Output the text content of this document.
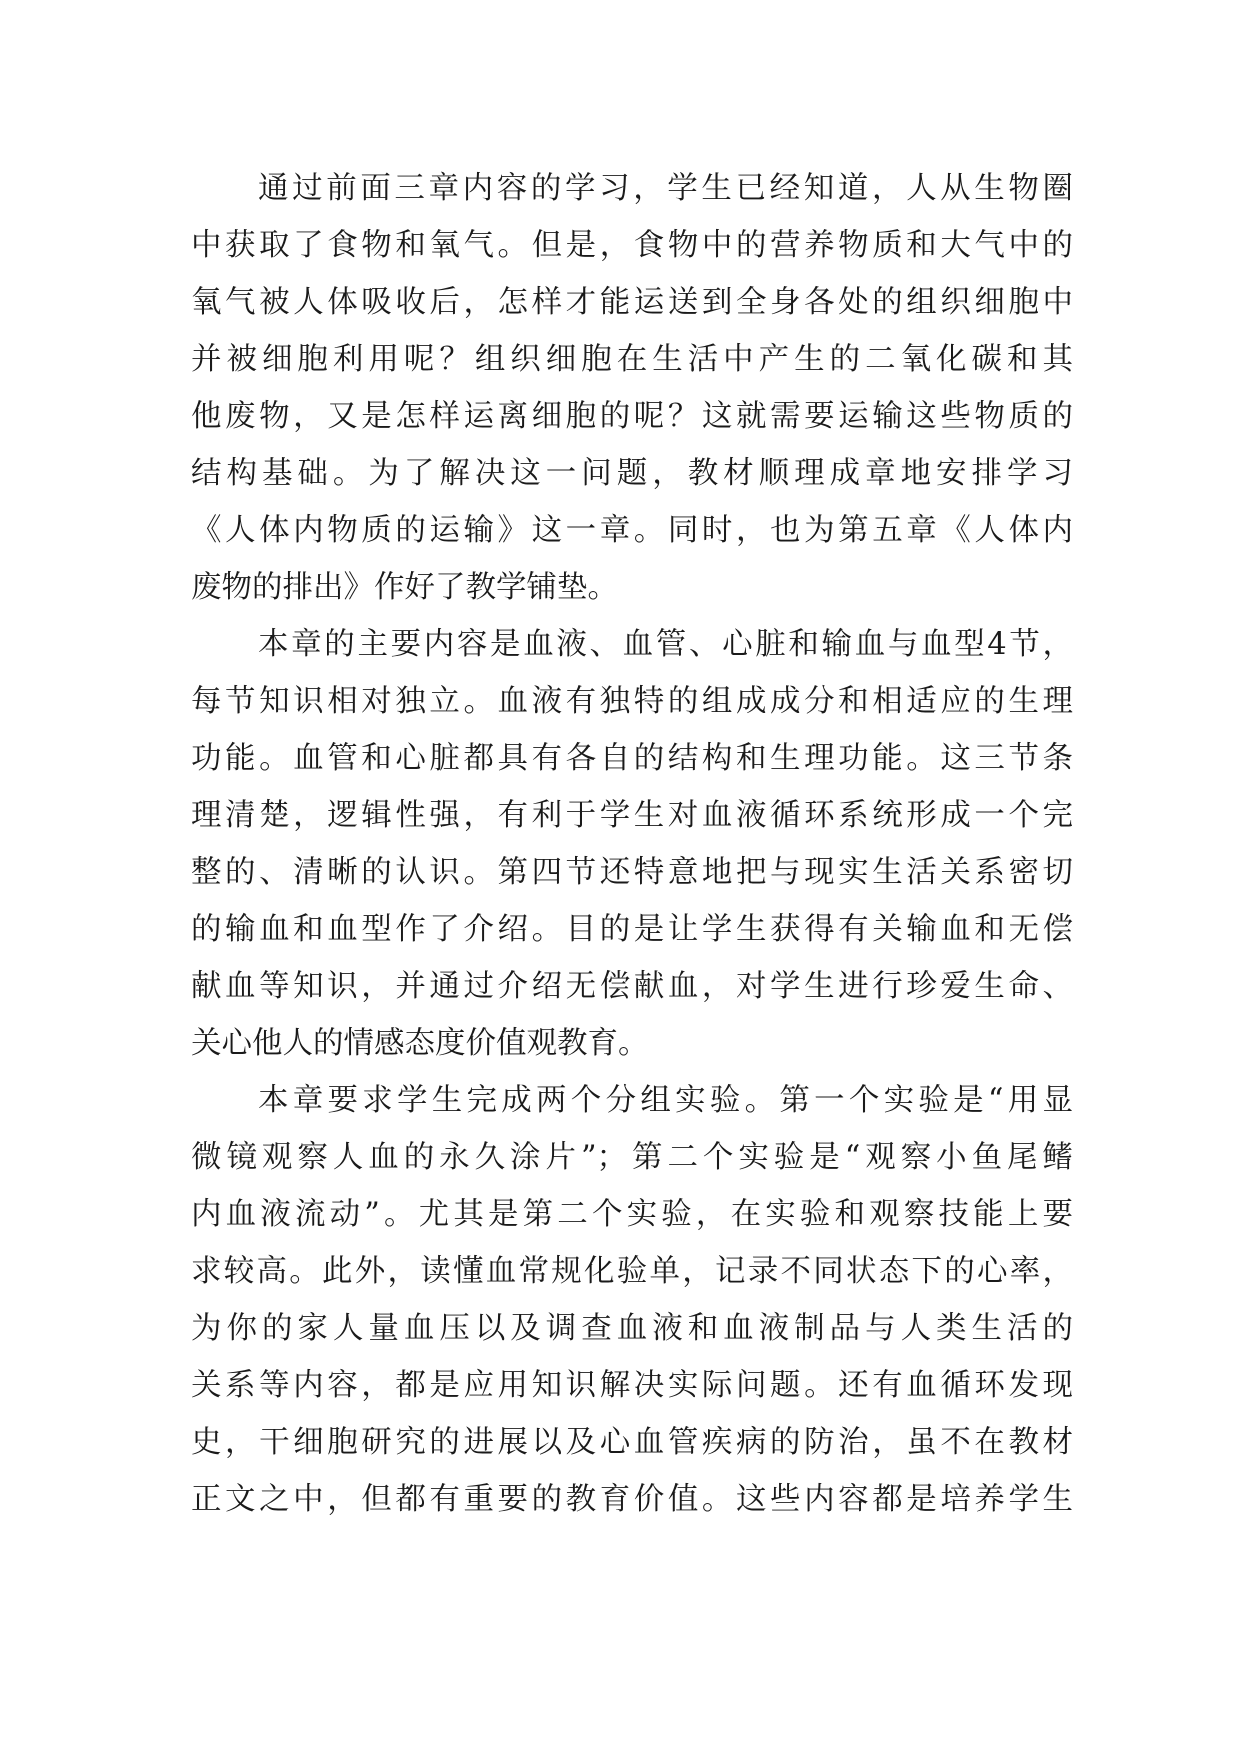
通过前面三章内容的学习，学生已经知道，人从生物圈
中获取了食物和氧气。但是，食物中的营养物质和大气中的
氧气被人体吸收后，怎样才能运送到全身各处的组织细胞中
并被细胞利用呢？组织细胞在生活中产生的二氧化碳和其
他废物，又是怎样运离细胞的呢？这就需要运输这些物质的
结构基础。为了解决这一问题，教材顺理成章地安排学习
《人体内物质的运输》这一章。同时，也为第五章《人体内
废物的排出》作好了教学铺垫。
本章的主要内容是血液、血管、心脏和输血与血型4节，
每节知识相对独立。血液有独特的组成成分和相适应的生理
功能。血管和心脏都具有各自的结构和生理功能。这三节条
理清楚，逻辑性强，有利于学生对血液循环系统形成一个完
整的、清晰的认识。第四节还特意地把与现实生活关系密切
的输血和血型作了介绍。目的是让学生获得有关输血和无偿
献血等知识，并通过介绍无偿献血，对学生进行珍爱生命、
关心他人的情感态度价值观教育。
本章要求学生完成两个分组实验。第一个实验是“用显
微镜观察人血的永久涂片”；第二个实验是“观察小鱼尾鳍
内血液流动”。尤其是第二个实验，在实验和观察技能上要
求较高。此外，读懂血常规化验单，记录不同状态下的心率，
为你的家人量血压以及调查血液和血液制品与人类生活的
关系等内容，都是应用知识解决实际问题。还有血循环发现
史，干细胞研究的进展以及心血管疾病的防治，虽不在教材
正文之中，但都有重要的教育价值。这些内容都是培养学生
